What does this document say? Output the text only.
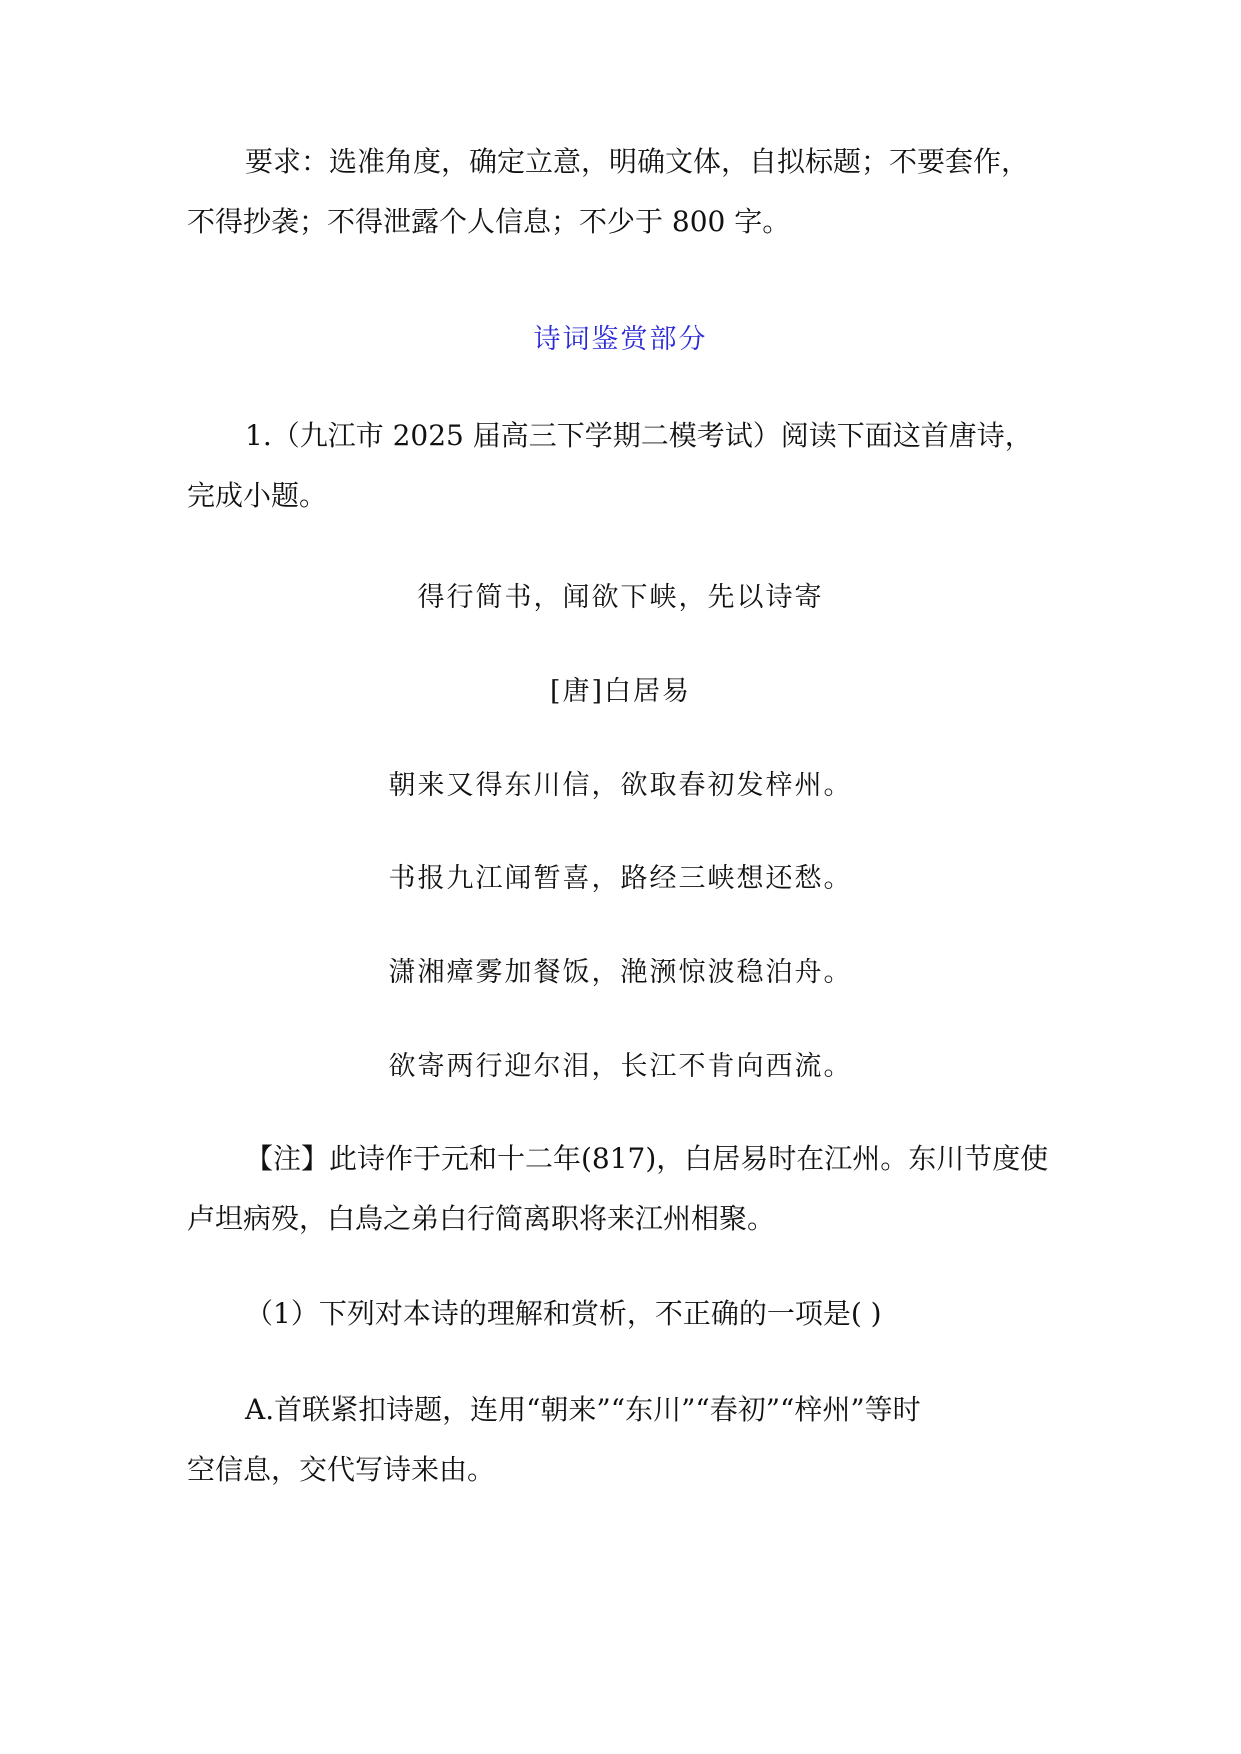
要求：选准角度，确定立意，明确文体，自拟标题；不要套作，
不得抄袭；不得泄露个人信息；不少于 800 字。
诗词鉴赏部分
1.（九江市 2025 届高三下学期二模考试）阅读下面这首唐诗，
完成小题。
得行简书，闻欲下峡，先以诗寄
[唐]白居易
朝来又得东川信，欲取春初发梓州。
书报九江闻暂喜，路经三峡想还愁。
潇湘瘴雾加餐饭，滟滪惊波稳泊舟。
欲寄两行迎尔泪，长江不肯向西流。
【注】此诗作于元和十二年(817)，白居易时在江州。东川节度使
卢坦病殁，白鳥之弟白行简离职将来江州相聚。
（1）下列对本诗的理解和赏析，不正确的一项是( )
A.首联紧扣诗题，连用“朝来”“东川”“春初”“梓州”等时
空信息，交代写诗来由。
